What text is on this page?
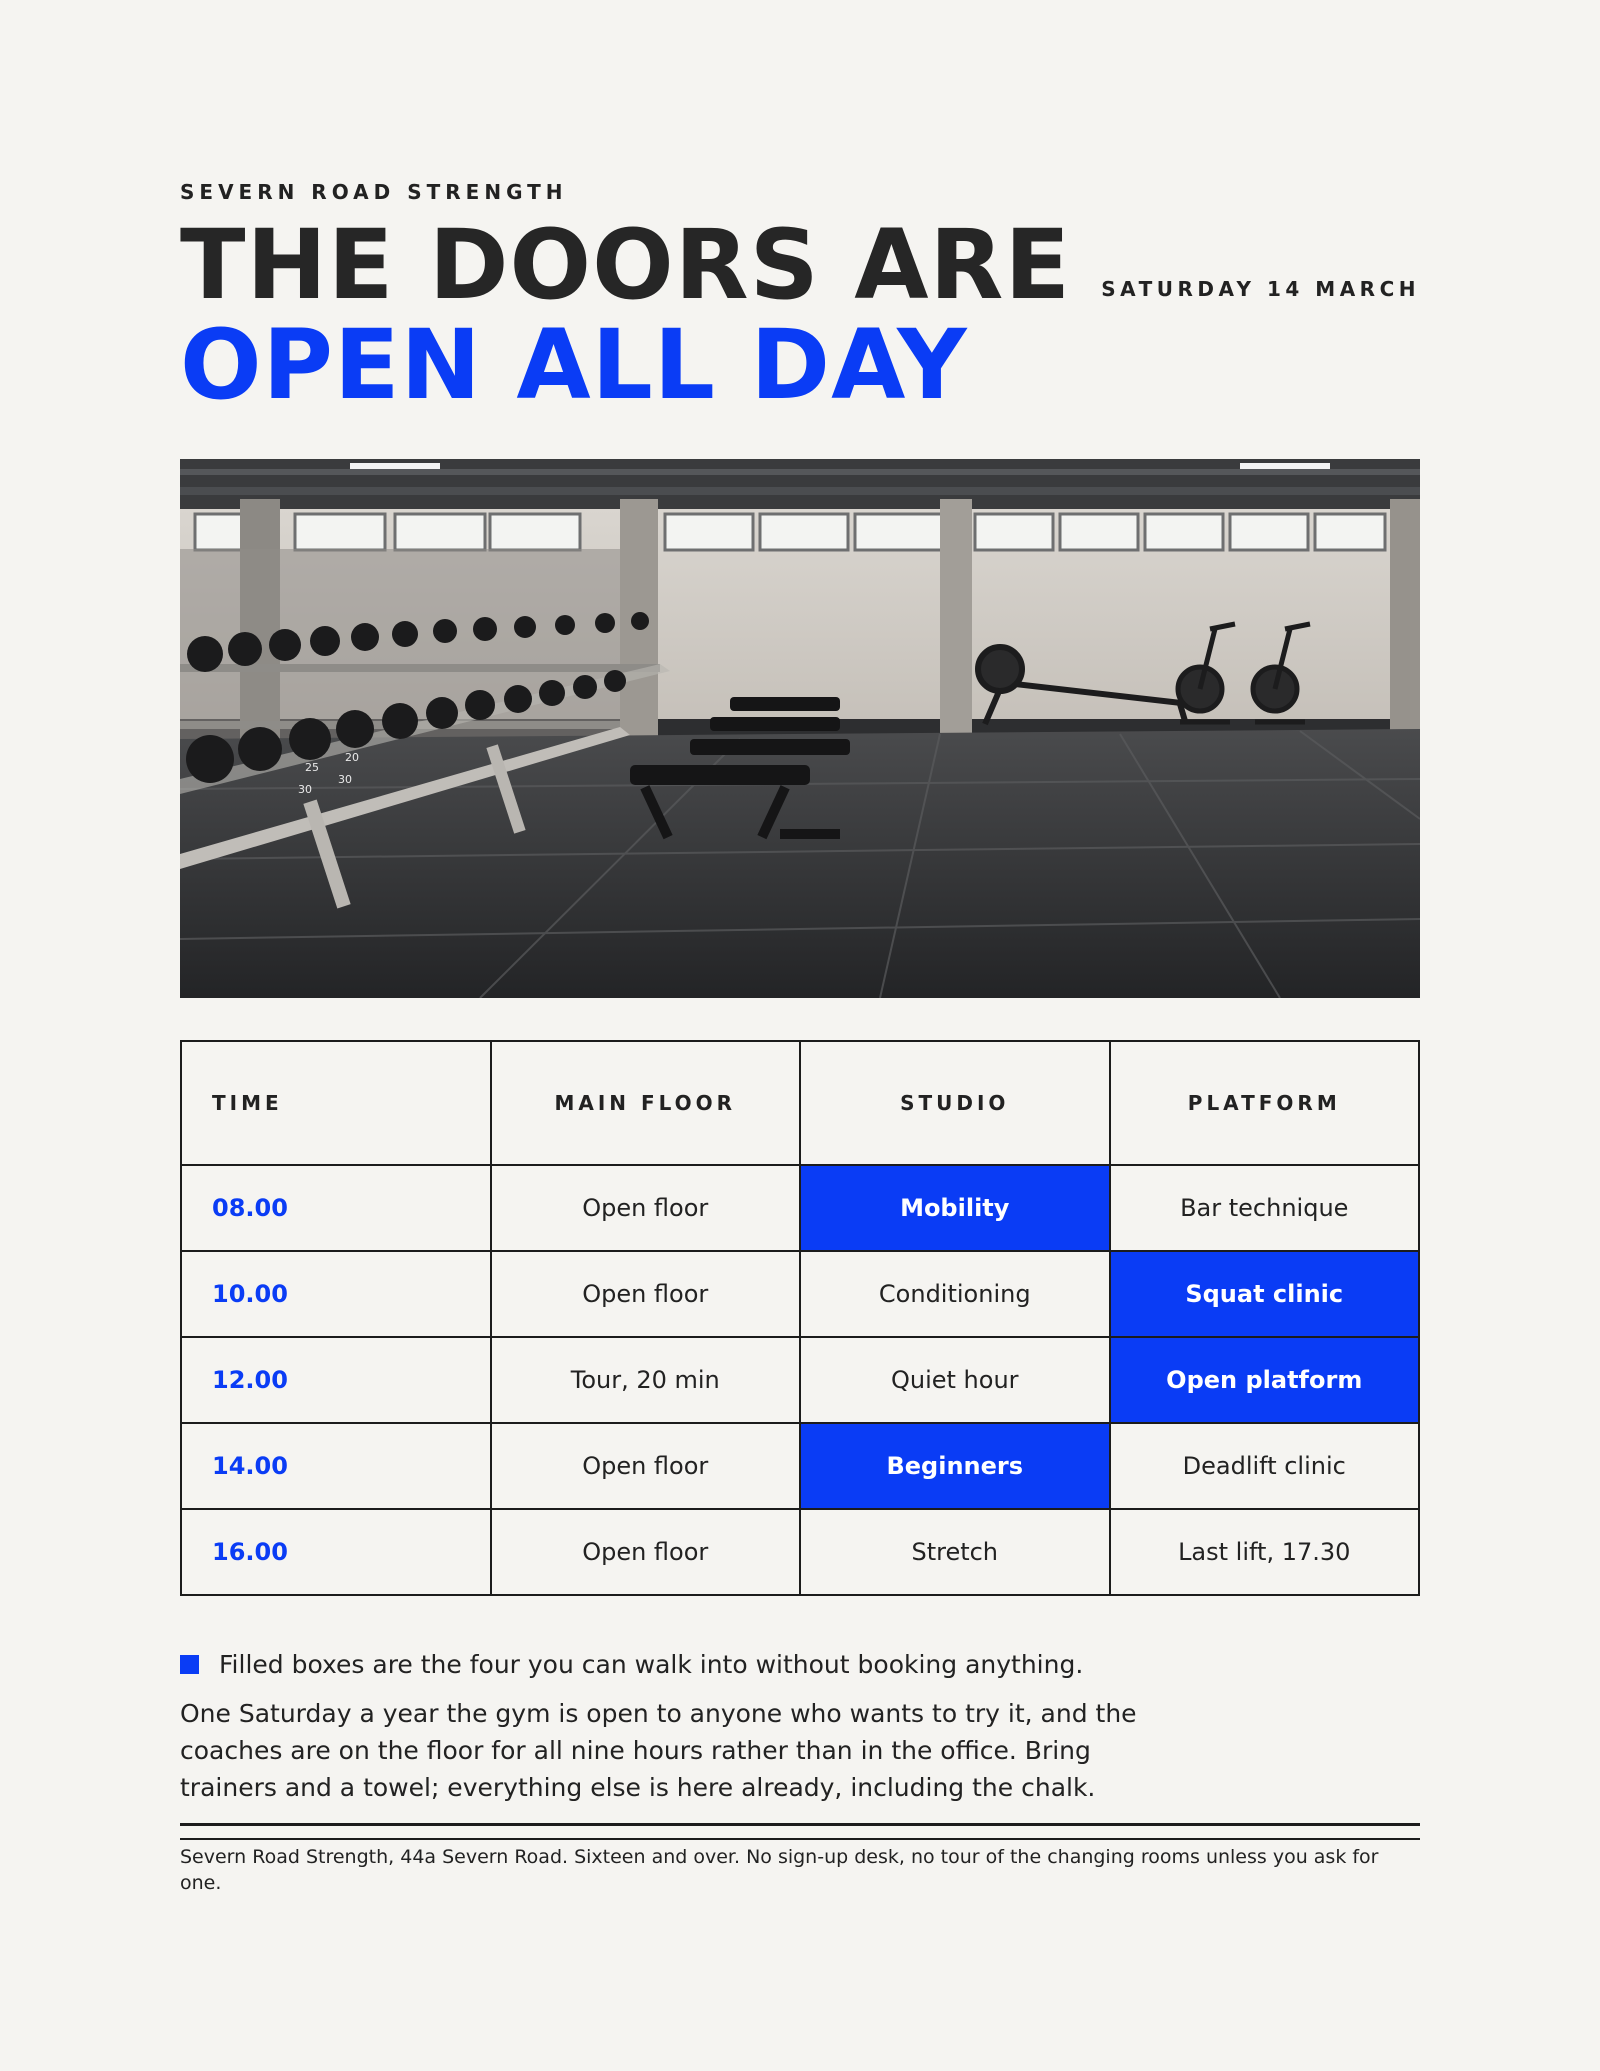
SEVERN ROAD STRENGTH
THE DOORS ARE
OPEN ALL DAY
SATURDAY 14 MARCH
25
30
20
30
TIME	MAIN FLOOR	STUDIO	PLATFORM
08.00	Open floor	Mobility	Bar technique
10.00	Open floor	Conditioning	Squat clinic
12.00	Tour, 20 min	Quiet hour	Open platform
14.00	Open floor	Beginners	Deadlift clinic
16.00	Open floor	Stretch	Last lift, 17.30
Filled boxes are the four you can walk into without booking anything.

One Saturday a year the gym is open to anyone who wants to try it, and the coaches are on the floor for all nine hours rather than in the office. Bring trainers and a towel; everything else is here already, including the chalk.

Severn Road Strength, 44a Severn Road. Sixteen and over. No sign-up desk, no tour of the changing rooms unless you ask for one.
